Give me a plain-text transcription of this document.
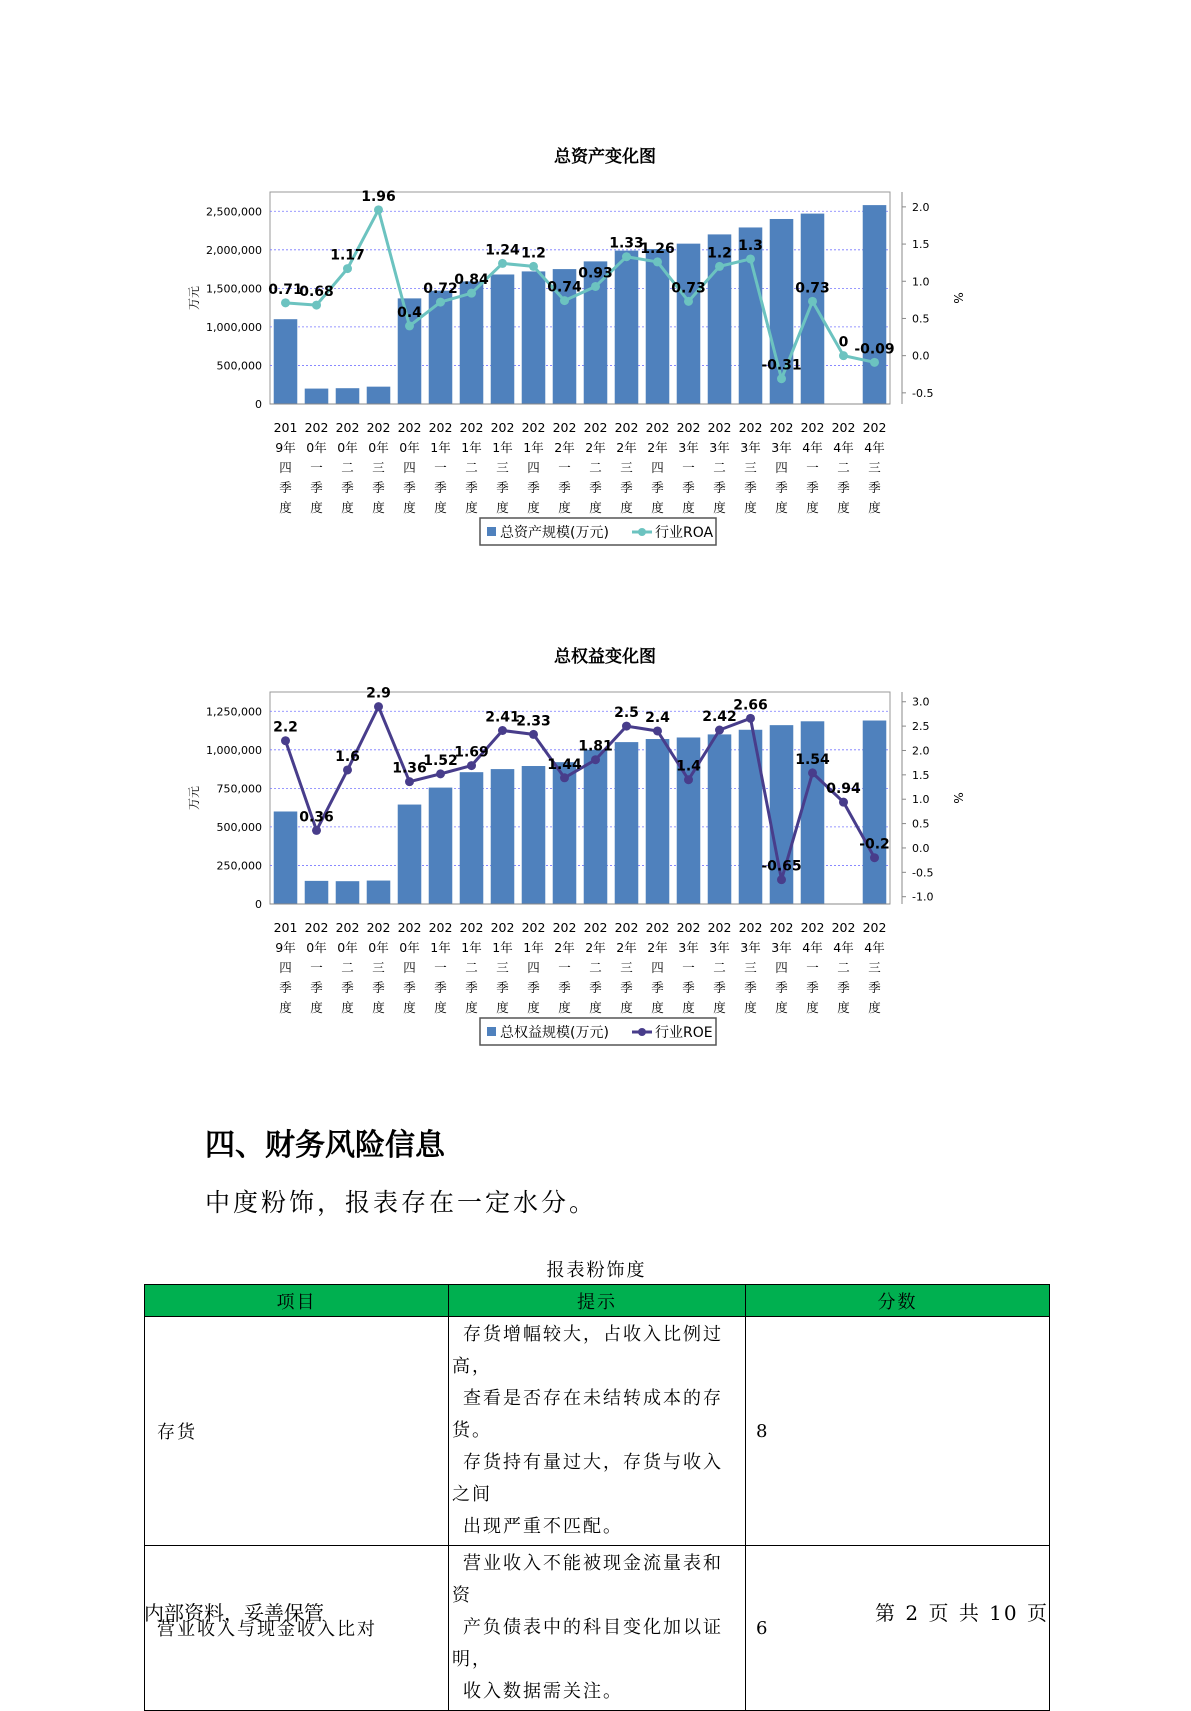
总资产变化图
0
500,000
1,000,000
1,500,000
2,000,000
2,500,000
-0.5
0.0
0.5
1.0
1.5
2.0
万元	%
0.71
0.68
1.17
1.96
0.4
0.72
0.84
1.24 1.2
0.74
0.93
1.33
1.26
0.73
1.2 1.3
-0.31
0.73
0 -0.09
201 9年四季度
202 0年一季度
202 0年二季度
202 0年三季度
202 0年四季度
202 1年一季度
202 1年二季度
202 1年三季度
202 1年四季度
202 2年一季度
202 2年二季度
202 2年三季度
202 2年四季度
202 3年一季度
202 3年二季度
202 3年三季度
202 3年四季度
202 4年一季度
202 4年二季度
202 4年三季度
总资产规模(万元)	行业ROA
总权益变化图
0
250,000
500,000
750,000
1,000,000
1,250,000
-1.0
-0.5
0.0
0.5
1.0
1.5
2.0
2.5
3.0
万元	%
2.2
0.36
1.6
2.9
1.36
1.52
1.69
2.41
2.33
1.44
1.81
2.5 2.4
1.4
2.42
2.66
-0.65
1.54
0.94
-0.2
201 9年四季度
202 0年一季度
202 0年二季度
202 0年三季度
202 0年四季度
202 1年一季度
202 1年二季度
202 1年三季度
202 1年四季度
202 2年一季度
202 2年二季度
202 2年三季度
202 2年四季度
202 3年一季度
202 3年二季度
202 3年三季度
202 3年四季度
202 4年一季度
202 4年二季度
202 4年三季度
总权益规模(万元)	行业ROE
四、财务风险信息

中度粉饰，报表存在一定水分。

报表粉饰度
项目	提示	分数
存货	存货增幅较大，占收入比例过高，
查看是否存在未结转成本的存货。
存货持有量过大，存货与收入之间
出现严重不匹配。	8
营业收入与现金收入比对	营业收入不能被现金流量表和资
产负债表中的科目变化加以证明，
收入数据需关注。	6
内部资料，妥善保管	第 2 页 共 10 页
